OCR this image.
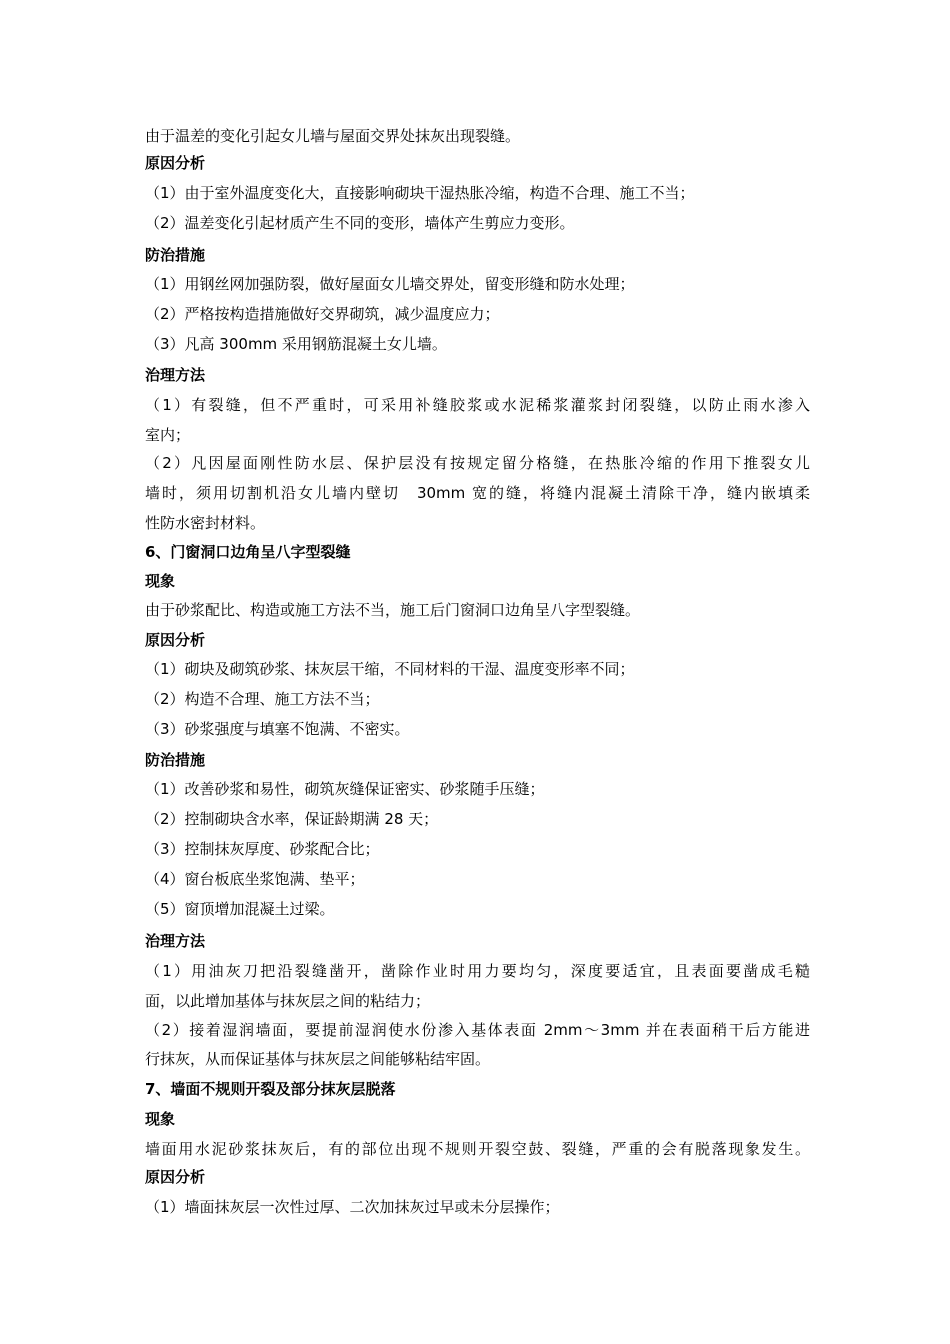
由于温差的变化引起女儿墙与屋面交界处抹灰出现裂缝。
原因分析
（1）由于室外温度变化大，直接影响砌块干湿热胀冷缩，构造不合理、施工不当；
（2）温差变化引起材质产生不同的变形，墙体产生剪应力变形。
防治措施
（1）用钢丝网加强防裂，做好屋面女儿墙交界处，留变形缝和防水处理；
（2）严格按构造措施做好交界砌筑，减少温度应力；
（3）凡高 300mm 采用钢筋混凝土女儿墙。
治理方法
（1）有裂缝，但不严重时，可采用补缝胶浆或水泥稀浆灌浆封闭裂缝，以防止雨水渗入
室内；
（2）凡因屋面刚性防水层、保护层没有按规定留分格缝，在热胀冷缩的作用下推裂女儿
墙时，须用切割机沿女儿墙内壁切　30mm 宽的缝，将缝内混凝土清除干净，缝内嵌填柔
性防水密封材料。
6、门窗洞口边角呈八字型裂缝
现象
由于砂浆配比、构造或施工方法不当，施工后门窗洞口边角呈八字型裂缝。
原因分析
（1）砌块及砌筑砂浆、抹灰层干缩，不同材料的干湿、温度变形率不同；
（2）构造不合理、施工方法不当；
（3）砂浆强度与填塞不饱满、不密实。
防治措施
（1）改善砂浆和易性，砌筑灰缝保证密实、砂浆随手压缝；
（2）控制砌块含水率，保证龄期满 28 天；
（3）控制抹灰厚度、砂浆配合比；
（4）窗台板底坐浆饱满、垫平；
（5）窗顶增加混凝土过梁。
治理方法
（1）用油灰刀把沿裂缝凿开，凿除作业时用力要均匀，深度要适宜，且表面要凿成毛糙
面，以此增加基体与抹灰层之间的粘结力；
（2）接着湿润墙面，要提前湿润使水份渗入基体表面 2mm～3mm 并在表面稍干后方能进
行抹灰，从而保证基体与抹灰层之间能够粘结牢固。
7、墙面不规则开裂及部分抹灰层脱落
现象
墙面用水泥砂浆抹灰后，有的部位出现不规则开裂空鼓、裂缝，严重的会有脱落现象发生。
原因分析
（1）墙面抹灰层一次性过厚、二次加抹灰过早或未分层操作；
